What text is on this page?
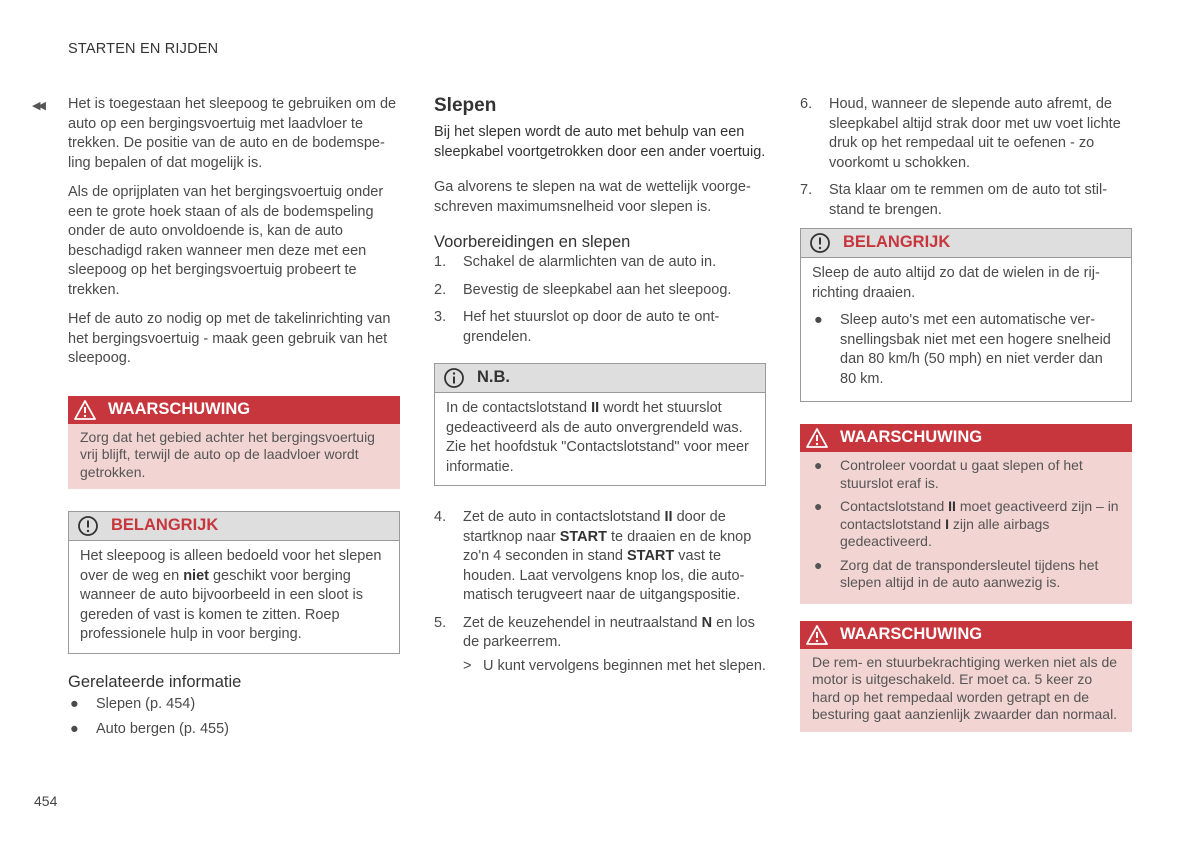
STARTEN EN RIJDEN
◀◀ Het is toegestaan het sleepoog te gebruiken om de auto op een bergingsvoertuig met laadvloer te trekken. De positie van de auto en de bodemspeling bepalen of dat mogelijk is.

Als de oprijplaten van het bergingsvoertuig onder een te grote hoek staan of als de bodemspeling onder de auto onvoldoende is, kan de auto beschadigd raken wanneer men deze met een sleepoog op het bergingsvoertuig probeert te trekken.

Hef de auto zo nodig op met de takelinrichting van het bergingsvoertuig - maak geen gebruik van het sleepoog.

WAARSCHUWING
Zorg dat het gebied achter het bergingsvoertuig vrij blijft, terwijl de auto op de laadvloer wordt getrokken.
BELANGRIJK
Het sleepoog is alleen bedoeld voor het slepen over de weg en niet geschikt voor berging wanneer de auto bijvoorbeeld in een sloot is gereden of vast is komen te zitten. Roep professionele hulp in voor berging.
Gerelateerde informatie
● Slepen (p. 454)
● Auto bergen (p. 455)
Slepen

Bij het slepen wordt de auto met behulp van een sleepkabel voortgetrokken door een ander voertuig.

Ga alvorens te slepen na wat de wettelijk voorgeschreven maximumsnelheid voor slepen is.

Voorbereidingen en slepen
1. Schakel de alarmlichten van de auto in.
2. Bevestig de sleepkabel aan het sleepoog.
3. Hef het stuurslot op door de auto te ontgrendelen.
N.B.
In de contactslotstand II wordt het stuurslot gedeactiveerd als de auto onvergrendeld was. Zie het hoofdstuk "Contactslotstand" voor meer informatie.
4. Zet de auto in contactslotstand II door de startknop naar START te draaien en de knop zo'n 4 seconden in stand START vast te houden. Laat vervolgens knop los, die automatisch terugveert naar de uitgangspositie.
5. Zet de keuzehendel in neutraalstand N en los de parkeerrem.
> U kunt vervolgens beginnen met het slepen.
6. Houd, wanneer de slepende auto afremt, de sleepkabel altijd strak door met uw voet lichte druk op het rempedaal uit te oefenen - zo voorkomt u schokken.
7. Sta klaar om te remmen om de auto tot stilstand te brengen.
BELANGRIJK

Sleep de auto altijd zo dat de wielen in de rijrichting draaien.

● Sleep auto's met een automatische versnellingsbak niet met een hogere snelheid dan 80 km/h (50 mph) en niet verder dan 80 km.
WAARSCHUWING
● Controleer voordat u gaat slepen of het stuurslot eraf is.
● Contactslotstand II moet geactiveerd zijn – in contactslotstand I zijn alle airbags gedeactiveerd.
● Zorg dat de transpondersleutel tijdens het slepen altijd in de auto aanwezig is.
WAARSCHUWING
De rem- en stuurbekrachtiging werken niet als de motor is uitgeschakeld. Er moet ca. 5 keer zo hard op het rempedaal worden getrapt en de besturing gaat aanzienlijk zwaarder dan normaal.
454
